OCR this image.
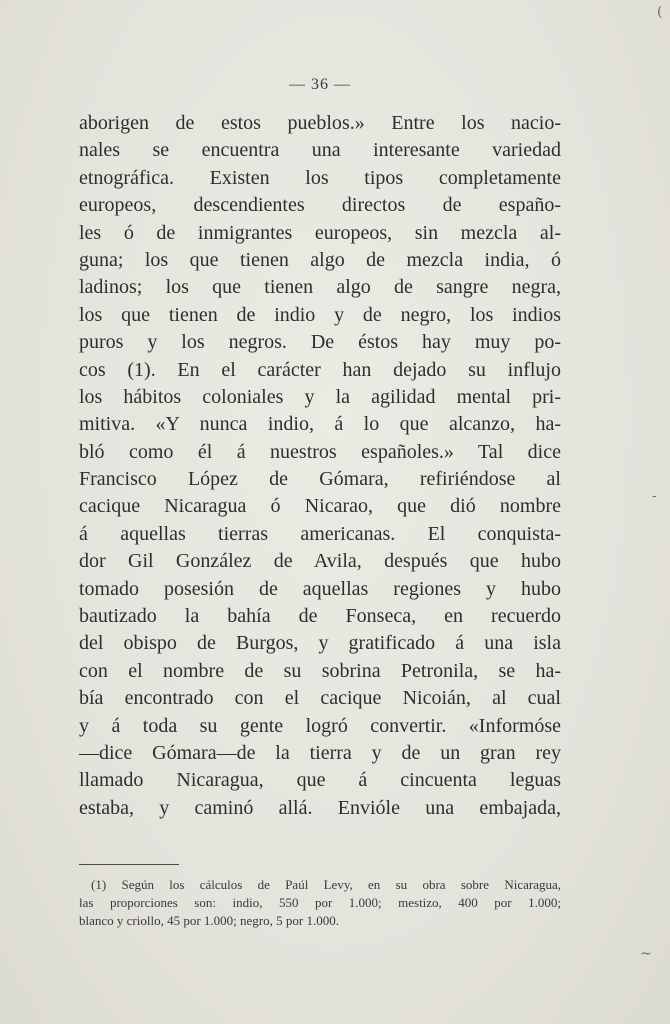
(
-
~
— 36 —
aborigen de estos pueblos.» Entre los nacio-
nales se encuentra una interesante variedad
etnográfica. Existen los tipos completamente
europeos, descendientes directos de españo-
les ó de inmigrantes europeos, sin mezcla al-
guna; los que tienen algo de mezcla india, ó
ladinos; los que tienen algo de sangre negra,
los que tienen de indio y de negro, los indios
puros y los negros. De éstos hay muy po-
cos (1). En el carácter han dejado su influjo
los hábitos coloniales y la agilidad mental pri-
mitiva. «Y nunca indio, á lo que alcanzo, ha-
bló como él á nuestros españoles.» Tal dice
Francisco López de Gómara, refiriéndose al
cacique Nicaragua ó Nicarao, que dió nombre
á aquellas tierras americanas. El conquista-
dor Gil González de Avila, después que hubo
tomado posesión de aquellas regiones y hubo
bautizado la bahía de Fonseca, en recuerdo
del obispo de Burgos, y gratificado á una isla
con el nombre de su sobrina Petronila, se ha-
bía encontrado con el cacique Nicoián, al cual
y á toda su gente logró convertir. «Informóse
—dice Gómara—de la tierra y de un gran rey
llamado Nicaragua, que á cincuenta leguas
estaba, y caminó allá. Envióle una embajada,
(1) Según los cálculos de Paúl Levy, en su obra sobre Nicaragua,
las proporciones son: indio, 550 por 1.000; mestizo, 400 por 1.000;
blanco y criollo, 45 por 1.000; negro, 5 por 1.000.
